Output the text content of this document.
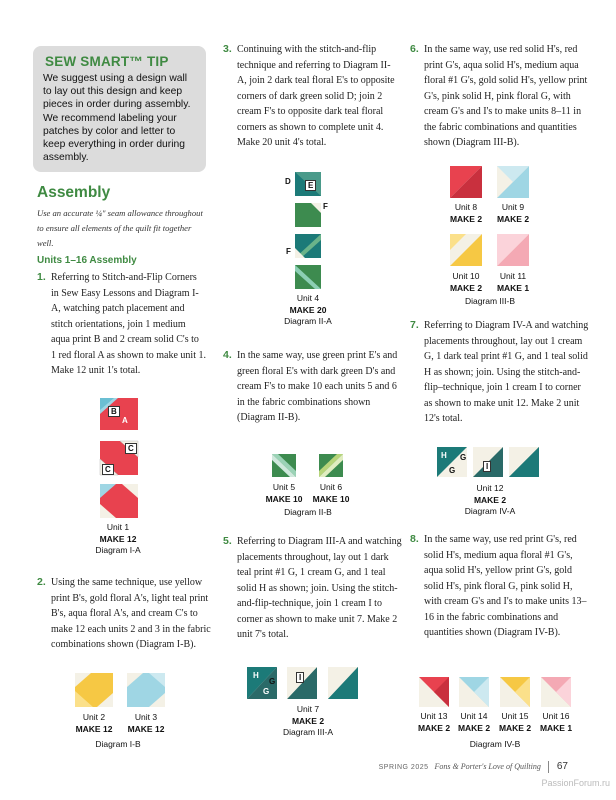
SEW SMART™ TIP
We suggest using a design wall to lay out this design and keep pieces in order during assembly. We recommend labeling your patches by color and letter to keep everything in order during assembly.
Assembly
Use an accurate ¼" seam allowance throughout to ensure all elements of the quilt fit together well.
Units 1–16 Assembly
1. Referring to Stitch-and-Flip Corners in Sew Easy Lessons and Diagram I-A, watching patch placement and stitch orientations, join 1 medium aqua print B and 2 cream solid C's to 1 red floral A as shown to make unit 1. Make 12 unit 1's total.
B
A
C
C
Unit 1
MAKE 12
Diagram I-A
2. Using the same technique, use yellow print B's, gold floral A's, light teal print B's, aqua floral A's, and cream C's to make 12 each units 2 and 3 in the fabric combinations shown (Diagram I-B).
Unit 2
MAKE 12
Unit 3
MAKE 12
Diagram I-B
3. Continuing with the stitch-and-flip technique and referring to Diagram II-A, join 2 dark teal floral E's to opposite corners of dark green solid D; join 2 cream F's to opposite dark teal floral corners as shown to complete unit 4. Make 20 unit 4's total.
E
D
F
F
Unit 4
MAKE 20
Diagram II-A
4. In the same way, use green print E's and green floral E's with dark green D's and cream F's to make 10 each units 5 and 6 in the fabric combinations shown (Diagram II-B).
Unit 5
MAKE 10
Unit 6
MAKE 10
Diagram II-B
5. Referring to Diagram III-A and watching placements throughout, lay out 1 dark teal print #1 G, 1 cream G, and 1 teal solid H as shown; join. Using the stitch-and-flip-technique, join 1 cream I to corner as shown to make unit 7. Make 2 unit 7's total.
H
G
I
G
Unit 7
MAKE 2
Diagram III-A
6. In the same way, use red solid H's, red print G's, aqua solid H's, medium aqua floral #1 G's, gold solid H's, yellow print G's, pink solid H, pink floral G, with cream G's and I's to make units 8–11 in the fabric combinations and quantities shown (Diagram III-B).
Unit 8
MAKE 2
Unit 9
MAKE 2
Unit 10
MAKE 2
Unit 11
MAKE 1
Diagram III-B
7. Referring to Diagram IV-A and watching placements throughout, lay out 1 cream G, 1 dark teal print #1 G, and 1 teal solid H as shown; join. Using the stitch-and-flip–technique, join 1 cream I to corner as shown to make unit 12. Make 2 unit 12's total.
H
G	I
G
Unit 12
MAKE 2
Diagram IV-A
8. In the same way, use red print G's, red solid H's, medium aqua floral #1 G's, aqua solid H's, yellow print G's, gold solid H's, pink floral G, pink solid H, with cream G's and I's to make units 13–16 in the fabric combinations and quantities shown (Diagram IV-B).
Unit 13
MAKE 2
Unit 14
MAKE 2
Unit 15
MAKE 2
Unit 16
MAKE 1
Diagram IV-B
SPRING 2025 Fons & Porter's Love of Quilting 67
PassionForum.ru
